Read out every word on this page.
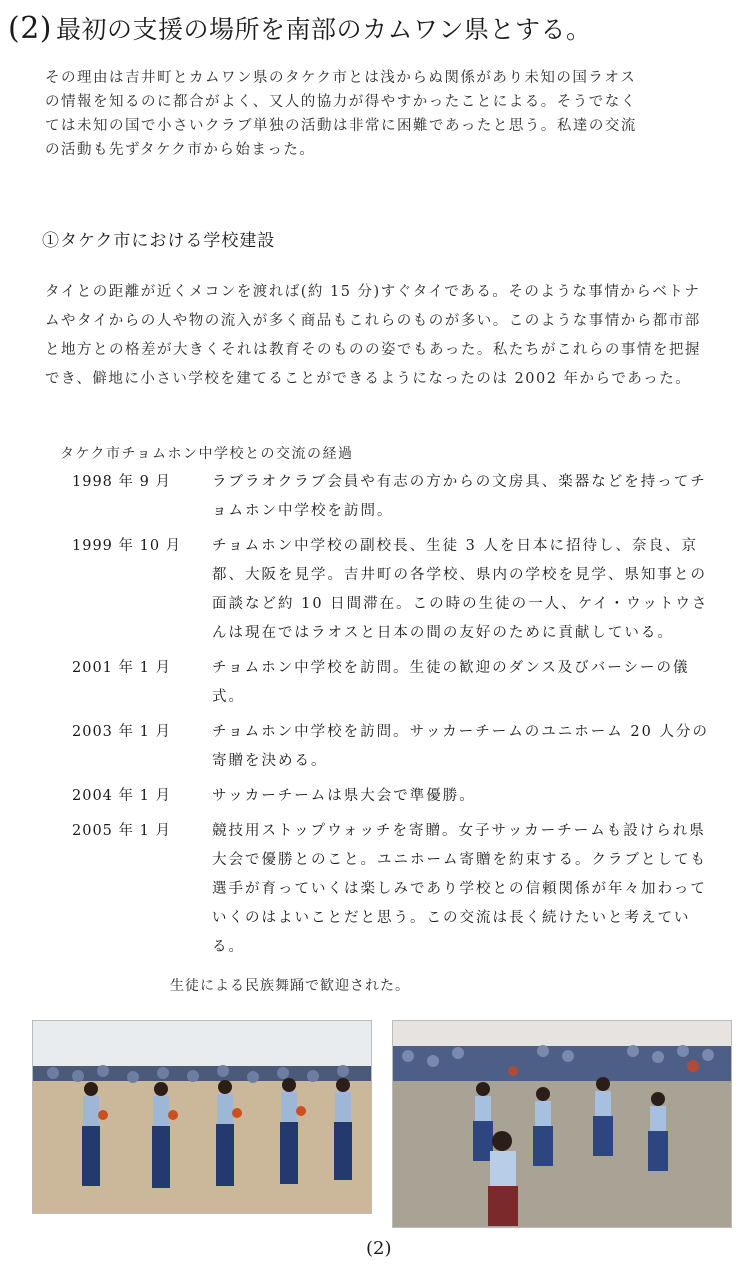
(2) 最初の支援の場所を南部のカムワン県とする。
その理由は吉井町とカムワン県のタケク市とは浅からぬ関係があり未知の国ラオスの情報を知るのに都合がよく、又人的協力が得やすかったことによる。そうでなくては未知の国で小さいクラブ単独の活動は非常に困難であったと思う。私達の交流の活動も先ずタケク市から始まった。
①タケク市における学校建設
タイとの距離が近くメコンを渡れば(約 15 分)すぐタイである。そのような事情からベトナムやタイからの人や物の流入が多く商品もこれらのものが多い。このような事情から都市部と地方との格差が大きくそれは教育そのものの姿でもあった。私たちがこれらの事情を把握でき、僻地に小さい学校を建てることができるようになったのは 2002 年からであった。
タケク市チョムホン中学校との交流の経過
1998 年 9 月	ラブラオクラブ会員や有志の方からの文房具、楽器などを持ってチョムホン中学校を訪問。
1999 年 10 月	チョムホン中学校の副校長、生徒 3 人を日本に招待し、奈良、京都、大阪を見学。吉井町の各学校、県内の学校を見学、県知事との面談など約 10 日間滞在。この時の生徒の一人、ケイ・ウットウさんは現在ではラオスと日本の間の友好のために貢献している。
2001 年 1 月	チョムホン中学校を訪問。生徒の歓迎のダンス及びバーシーの儀式。
2003 年 1 月	チョムホン中学校を訪問。サッカーチームのユニホーム 20 人分の寄贈を決める。
2004 年 1 月	サッカーチームは県大会で準優勝。
2005 年 1 月	競技用ストップウォッチを寄贈。女子サッカーチームも設けられ県大会で優勝とのこと。ユニホーム寄贈を約束する。クラブとしても選手が育っていくは楽しみであり学校との信頼関係が年々加わっていくのはよいことだと思う。この交流は長く続けたいと考えている。
生徒による民族舞踊で歓迎された。
(2)
